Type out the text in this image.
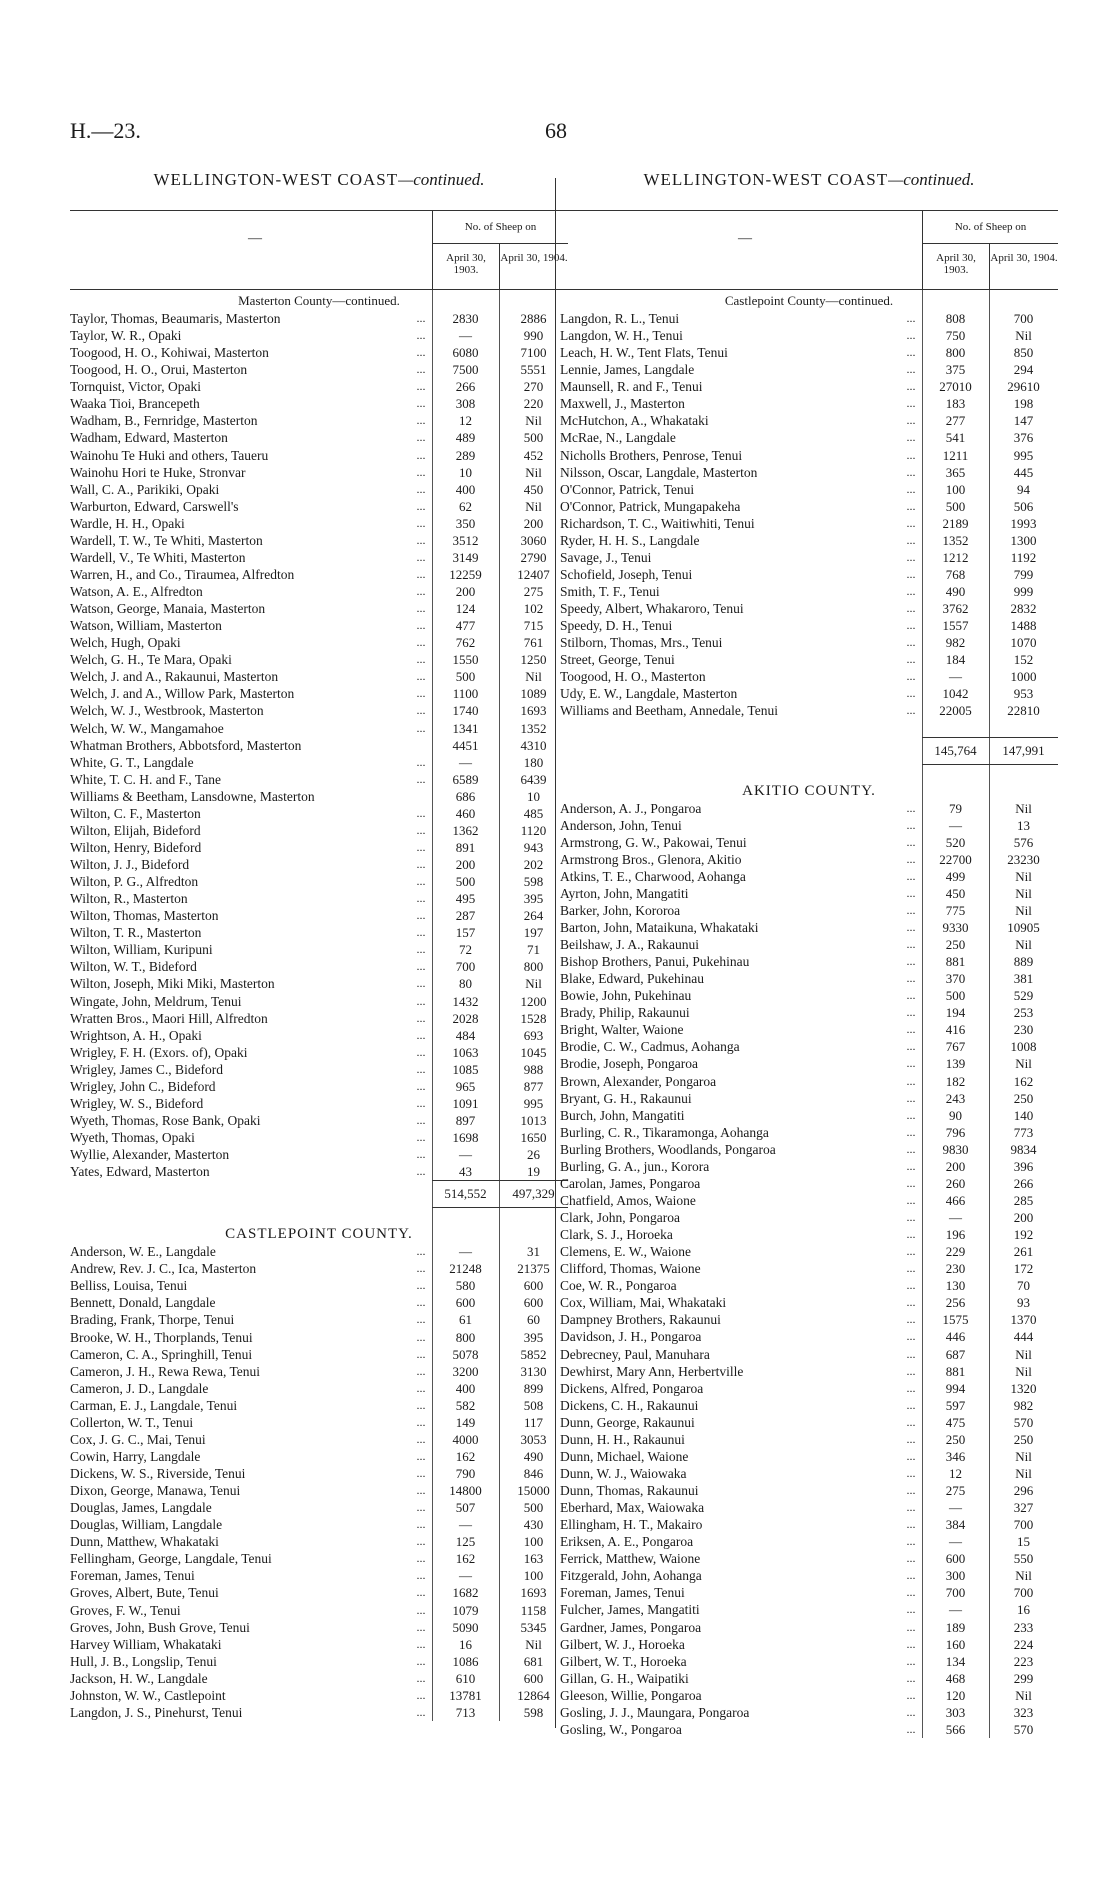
H.—23.	68
WELLINGTON-WEST COAST—continued.
—
No. of Sheep on
April 30, 1903.
April 30, 1904.
Masterton County—continued.
Taylor, Thomas, Beaumaris, Masterton	...	2830	2886
Taylor, W. R., Opaki	...	—	990
Toogood, H. O., Kohiwai, Masterton	...	6080	7100
Toogood, H. O., Orui, Masterton	...	7500	5551
Tornquist, Victor, Opaki	...	266	270
Waaka Tioi, Brancepeth	...	308	220
Wadham, B., Fernridge, Masterton	...	12	Nil
Wadham, Edward, Masterton	...	489	500
Wainohu Te Huki and others, Taueru	...	289	452
Wainohu Hori te Huke, Stronvar	...	10	Nil
Wall, C. A., Parikiki, Opaki	...	400	450
Warburton, Edward, Carswell's	...	62	Nil
Wardle, H. H., Opaki	...	350	200
Wardell, T. W., Te Whiti, Masterton	...	3512	3060
Wardell, V., Te Whiti, Masterton	...	3149	2790
Warren, H., and Co., Tiraumea, Alfredton	...	12259	12407
Watson, A. E., Alfredton	...	200	275
Watson, George, Manaia, Masterton	...	124	102
Watson, William, Masterton	...	477	715
Welch, Hugh, Opaki	...	762	761
Welch, G. H., Te Mara, Opaki	...	1550	1250
Welch, J. and A., Rakaunui, Masterton	...	500	Nil
Welch, J. and A., Willow Park, Masterton	...	1100	1089
Welch, W. J., Westbrook, Masterton	...	1740	1693
Welch, W. W., Mangamahoe	...	1341	1352
Whatman Brothers, Abbotsford, Masterton	4451	4310
White, G. T., Langdale	...	—	180
White, T. C. H. and F., Tane	...	6589	6439
Williams & Beetham, Lansdowne, Masterton	686	10
Wilton, C. F., Masterton	...	460	485
Wilton, Elijah, Bideford	...	1362	1120
Wilton, Henry, Bideford	...	891	943
Wilton, J. J., Bideford	...	200	202
Wilton, P. G., Alfredton	...	500	598
Wilton, R., Masterton	...	495	395
Wilton, Thomas, Masterton	...	287	264
Wilton, T. R., Masterton	...	157	197
Wilton, William, Kuripuni	...	72	71
Wilton, W. T., Bideford	...	700	800
Wilton, Joseph, Miki Miki, Masterton	...	80	Nil
Wingate, John, Meldrum, Tenui	...	1432	1200
Wratten Bros., Maori Hill, Alfredton	...	2028	1528
Wrightson, A. H., Opaki	...	484	693
Wrigley, F. H. (Exors. of), Opaki	...	1063	1045
Wrigley, James C., Bideford	...	1085	988
Wrigley, John C., Bideford	...	965	877
Wrigley, W. S., Bideford	...	1091	995
Wyeth, Thomas, Rose Bank, Opaki	...	897	1013
Wyeth, Thomas, Opaki	...	1698	1650
Wyllie, Alexander, Masterton	...	—	26
Yates, Edward, Masterton	...	43	19
514,552	497,329
CASTLEPOINT COUNTY.
Anderson, W. E., Langdale	...	—	31
Andrew, Rev. J. C., Ica, Masterton	...	21248	21375
Belliss, Louisa, Tenui	...	580	600
Bennett, Donald, Langdale	...	600	600
Brading, Frank, Thorpe, Tenui	...	61	60
Brooke, W. H., Thorplands, Tenui	...	800	395
Cameron, C. A., Springhill, Tenui	...	5078	5852
Cameron, J. H., Rewa Rewa, Tenui	...	3200	3130
Cameron, J. D., Langdale	...	400	899
Carman, E. J., Langdale, Tenui	...	582	508
Collerton, W. T., Tenui	...	149	117
Cox, J. G. C., Mai, Tenui	...	4000	3053
Cowin, Harry, Langdale	...	162	490
Dickens, W. S., Riverside, Tenui	...	790	846
Dixon, George, Manawa, Tenui	...	14800	15000
Douglas, James, Langdale	...	507	500
Douglas, William, Langdale	...	—	430
Dunn, Matthew, Whakataki	...	125	100
Fellingham, George, Langdale, Tenui	...	162	163
Foreman, James, Tenui	...	—	100
Groves, Albert, Bute, Tenui	...	1682	1693
Groves, F. W., Tenui	...	1079	1158
Groves, John, Bush Grove, Tenui	...	5090	5345
Harvey William, Whakataki	...	16	Nil
Hull, J. B., Longslip, Tenui	...	1086	681
Jackson, H. W., Langdale	...	610	600
Johnston, W. W., Castlepoint	...	13781	12864
Langdon, J. S., Pinehurst, Tenui	...	713	598
WELLINGTON-WEST COAST—continued.
—
No. of Sheep on
April 30, 1903.
April 30, 1904.
Castlepoint County—continued.
Langdon, R. L., Tenui	...	808	700
Langdon, W. H., Tenui	...	750	Nil
Leach, H. W., Tent Flats, Tenui	...	800	850
Lennie, James, Langdale	...	375	294
Maunsell, R. and F., Tenui	...	27010	29610
Maxwell, J., Masterton	...	183	198
McHutchon, A., Whakataki	...	277	147
McRae, N., Langdale	...	541	376
Nicholls Brothers, Penrose, Tenui	...	1211	995
Nilsson, Oscar, Langdale, Masterton	...	365	445
O'Connor, Patrick, Tenui	...	100	94
O'Connor, Patrick, Mungapakeha	...	500	506
Richardson, T. C., Waitiwhiti, Tenui	...	2189	1993
Ryder, H. H. S., Langdale	...	1352	1300
Savage, J., Tenui	...	1212	1192
Schofield, Joseph, Tenui	...	768	799
Smith, T. F., Tenui	...	490	999
Speedy, Albert, Whakaroro, Tenui	...	3762	2832
Speedy, D. H., Tenui	...	1557	1488
Stilborn, Thomas, Mrs., Tenui	...	982	1070
Street, George, Tenui	...	184	152
Toogood, H. O., Masterton	...	—	1000
Udy, E. W., Langdale, Masterton	...	1042	953
Williams and Beetham, Annedale, Tenui	...	22005	22810
145,764	147,991
AKITIO COUNTY.
Anderson, A. J., Pongaroa	...	79	Nil
Anderson, John, Tenui	...	—	13
Armstrong, G. W., Pakowai, Tenui	...	520	576
Armstrong Bros., Glenora, Akitio	...	22700	23230
Atkins, T. E., Charwood, Aohanga	...	499	Nil
Ayrton, John, Mangatiti	...	450	Nil
Barker, John, Kororoa	...	775	Nil
Barton, John, Mataikuna, Whakataki	...	9330	10905
Beilshaw, J. A., Rakaunui	...	250	Nil
Bishop Brothers, Panui, Pukehinau	...	881	889
Blake, Edward, Pukehinau	...	370	381
Bowie, John, Pukehinau	...	500	529
Brady, Philip, Rakaunui	...	194	253
Bright, Walter, Waione	...	416	230
Brodie, C. W., Cadmus, Aohanga	...	767	1008
Brodie, Joseph, Pongaroa	...	139	Nil
Brown, Alexander, Pongaroa	...	182	162
Bryant, G. H., Rakaunui	...	243	250
Burch, John, Mangatiti	...	90	140
Burling, C. R., Tikaramonga, Aohanga	...	796	773
Burling Brothers, Woodlands, Pongaroa	...	9830	9834
Burling, G. A., jun., Korora	...	200	396
Carolan, James, Pongaroa	...	260	266
Chatfield, Amos, Waione	...	466	285
Clark, John, Pongaroa	...	—	200
Clark, S. J., Horoeka	...	196	192
Clemens, E. W., Waione	...	229	261
Clifford, Thomas, Waione	...	230	172
Coe, W. R., Pongaroa	...	130	70
Cox, William, Mai, Whakataki	...	256	93
Dampney Brothers, Rakaunui	...	1575	1370
Davidson, J. H., Pongaroa	...	446	444
Debrecney, Paul, Manuhara	...	687	Nil
Dewhirst, Mary Ann, Herbertville	...	881	Nil
Dickens, Alfred, Pongaroa	...	994	1320
Dickens, C. H., Rakaunui	...	597	982
Dunn, George, Rakaunui	...	475	570
Dunn, H. H., Rakaunui	...	250	250
Dunn, Michael, Waione	...	346	Nil
Dunn, W. J., Waiowaka	...	12	Nil
Dunn, Thomas, Rakaunui	...	275	296
Eberhard, Max, Waiowaka	...	—	327
Ellingham, H. T., Makairo	...	384	700
Eriksen, A. E., Pongaroa	...	—	15
Ferrick, Matthew, Waione	...	600	550
Fitzgerald, John, Aohanga	...	300	Nil
Foreman, James, Tenui	...	700	700
Fulcher, James, Mangatiti	...	—	16
Gardner, James, Pongaroa	...	189	233
Gilbert, W. J., Horoeka	...	160	224
Gilbert, W. T., Horoeka	...	134	223
Gillan, G. H., Waipatiki	...	468	299
Gleeson, Willie, Pongaroa	...	120	Nil
Gosling, J. J., Maungara, Pongaroa	...	303	323
Gosling, W., Pongaroa	...	566	570
